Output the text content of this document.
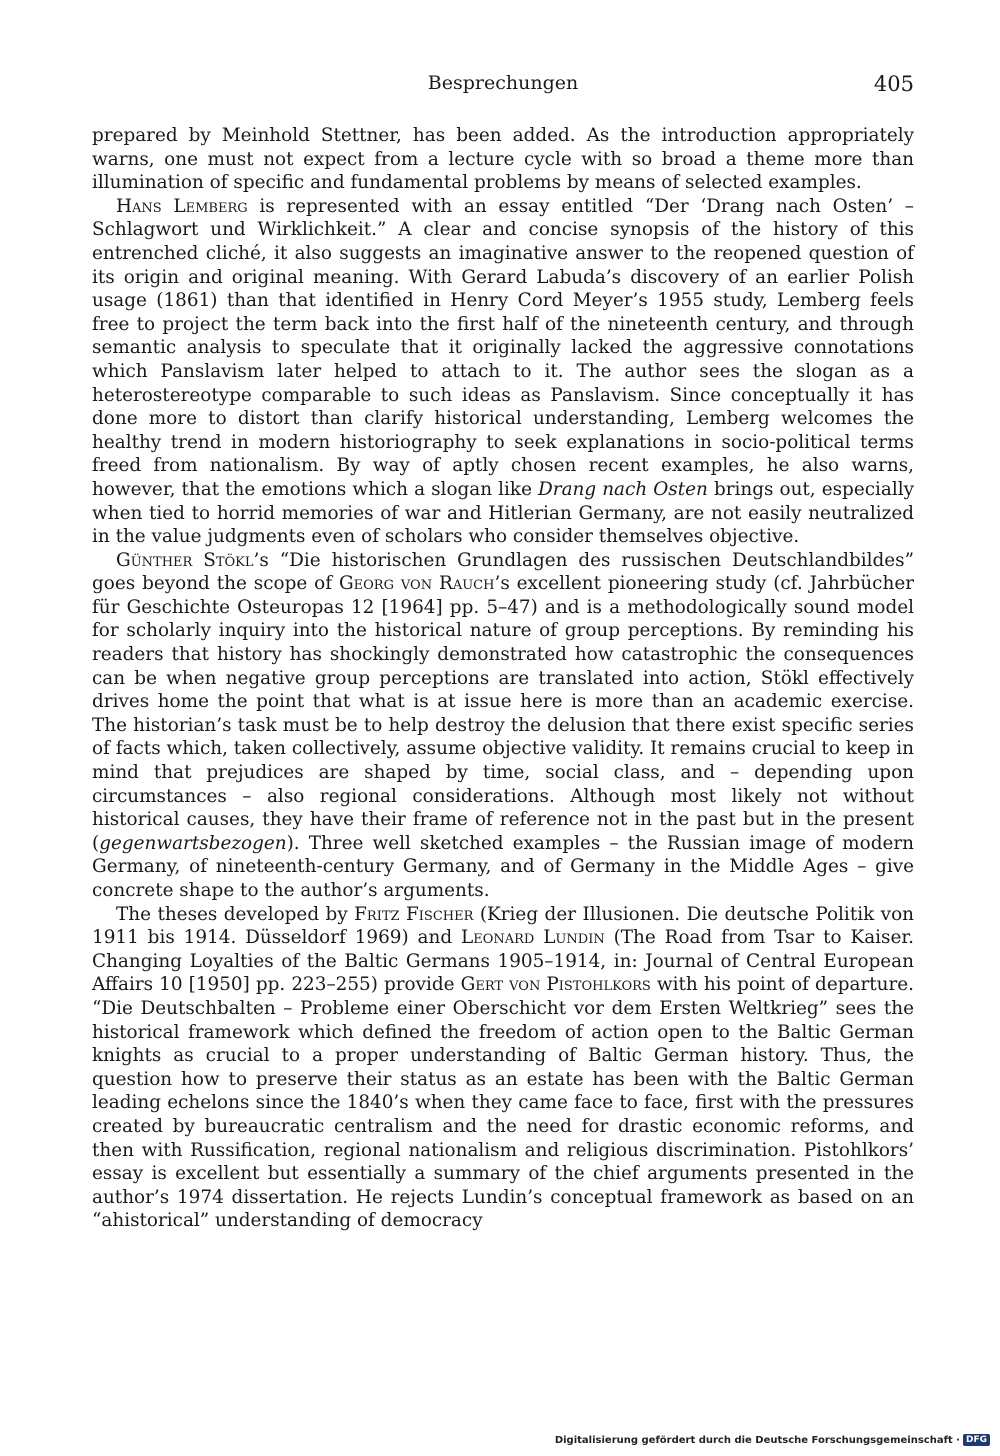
Besprechungen	405

prepared by Meinhold Stettner, has been added. As the introduction appropriately warns, one must not expect from a lecture cycle with so broad a theme more than illumination of specific and fundamental problems by means of selected examples.

Hans Lemberg is represented with an essay entitled “Der ‘Drang nach Osten’ – Schlagwort und Wirklichkeit.” A clear and concise synopsis of the history of this entrenched cliché, it also suggests an imaginative answer to the reopened question of its origin and original meaning. With Gerard Labuda’s discovery of an earlier Polish usage (1861) than that identified in Henry Cord Meyer’s 1955 study, Lemberg feels free to project the term back into the first half of the nineteenth century, and through semantic analysis to speculate that it originally lacked the aggressive connotations which Panslavism later helped to attach to it. The author sees the slogan as a heterostereotype comparable to such ideas as Panslavism. Since conceptually it has done more to distort than clarify historical understanding, Lemberg welcomes the healthy trend in modern historiography to seek explanations in socio-political terms freed from nationalism. By way of aptly chosen recent examples, he also warns, however, that the emotions which a slogan like Drang nach Osten brings out, especially when tied to horrid memories of war and Hitlerian Germany, are not easily neutralized in the value judgments even of scholars who consider themselves objective.

Günther Stökl’s “Die historischen Grundlagen des russischen Deutschlandbildes” goes beyond the scope of Georg von Rauch’s excellent pioneering study (cf. Jahrbücher für Geschichte Osteuropas 12 [1964] pp. 5–47) and is a methodologically sound model for scholarly inquiry into the historical nature of group perceptions. By reminding his readers that history has shockingly demonstrated how catastrophic the consequences can be when negative group perceptions are translated into action, Stökl effectively drives home the point that what is at issue here is more than an academic exercise. The historian’s task must be to help destroy the delusion that there exist specific series of facts which, taken collectively, assume objective validity. It remains crucial to keep in mind that prejudices are shaped by time, social class, and – depending upon circumstances – also regional considerations. Although most likely not without historical causes, they have their frame of reference not in the past but in the present (gegenwartsbezogen). Three well sketched examples – the Russian image of modern Germany, of nineteenth-century Germany, and of Germany in the Middle Ages – give concrete shape to the author’s arguments.

The theses developed by Fritz Fischer (Krieg der Illusionen. Die deutsche Politik von 1911 bis 1914. Düsseldorf 1969) and Leonard Lundin (The Road from Tsar to Kaiser. Changing Loyalties of the Baltic Germans 1905–1914, in: Journal of Central European Affairs 10 [1950] pp. 223–255) provide Gert von Pistohlkors with his point of departure. “Die Deutschbalten – Probleme einer Oberschicht vor dem Ersten Weltkrieg” sees the historical framework which defined the freedom of action open to the Baltic German knights as crucial to a proper understanding of Baltic German history. Thus, the question how to preserve their status as an estate has been with the Baltic German leading echelons since the 1840’s when they came face to face, first with the pressures created by bureaucratic centralism and the need for drastic economic reforms, and then with Russification, regional nationalism and religious discrimination. Pistohlkors’ essay is excellent but essentially a summary of the chief arguments presented in the author’s 1974 dissertation. He rejects Lundin’s conceptual framework as based on an “ahistorical” understanding of democracy

Digitalisierung gefördert durch die Deutsche Forschungsgemeinschaft · DFG
